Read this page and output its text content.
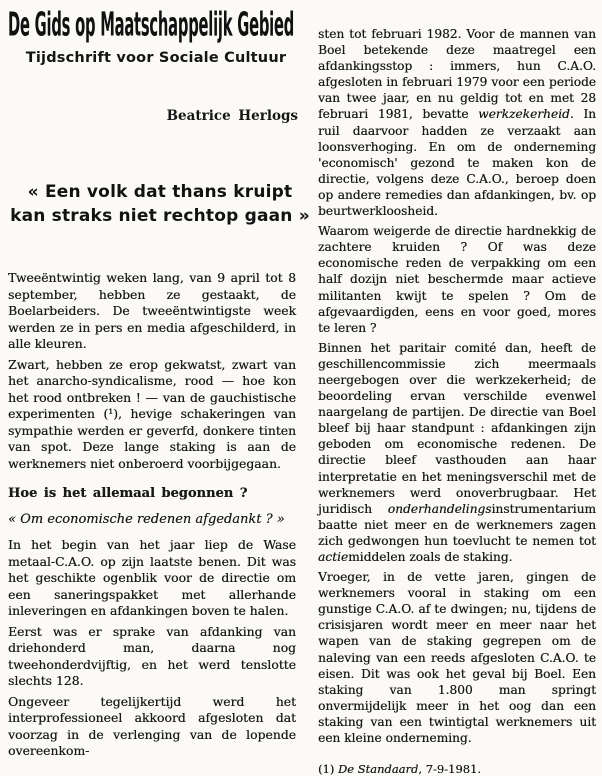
De Gids op Maatschappelijk Gebied
Tijdschrift voor Sociale Cultuur
Beatrice Herlogs
« Een volk dat thans kruipt
kan straks niet rechtop gaan »

Tweeëntwintig weken lang, van 9 april tot 8 september, hebben ze gestaakt, de Boelarbeiders. De tweeëntwintigste week werden ze in pers en media afgeschilderd, in alle kleuren.

Zwart, hebben ze erop gekwatst, zwart van het anarcho-syndicalisme, rood — hoe kon het rood ontbreken ! — van de gauchistische experimenten (¹), hevige schakeringen van sympathie werden er geverfd, donkere tinten van spot. Deze lange staking is aan de werknemers niet onberoerd voorbijgegaan.

Hoe is het allemaal begonnen ?

« Om economische redenen afgedankt ? »

In het begin van het jaar liep de Wase metaal-C.A.O. op zijn laatste benen. Dit was het geschikte ogenblik voor de directie om een saneringspakket met allerhande inleveringen en afdankingen boven te halen.

Eerst was er sprake van afdanking van driehonderd man, daarna nog tweehonderdvijftig, en het werd tenslotte slechts 128.

Ongeveer tegelijkertijd werd het interprofessioneel akkoord afgesloten dat voorzag in de verlenging van de lopende overeenkom-

sten tot februari 1982. Voor de mannen van Boel betekende deze maatregel een afdankingsstop : immers, hun C.A.O. afgesloten in februari 1979 voor een periode van twee jaar, en nu geldig tot en met 28 februari 1981, bevatte werkzekerheid. In ruil daarvoor hadden ze verzaakt aan loonsverhoging. En om de onderneming 'economisch' gezond te maken kon de directie, volgens deze C.A.O., beroep doen op andere remedies dan afdankingen, bv. op beurtwerkloosheid.

Waarom weigerde de directie hardnekkig de zachtere kruiden ? Of was deze economische reden de verpakking om een half dozijn niet beschermde maar actieve militanten kwijt te spelen ? Om de afgevaardigden, eens en voor goed, mores te leren ?

Binnen het paritair comité dan, heeft de geschillencommissie zich meermaals neergebogen over die werkzekerheid; de beoordeling ervan verschilde evenwel naargelang de partijen. De directie van Boel bleef bij haar standpunt : afdankingen zijn geboden om economische redenen. De directie bleef vasthouden aan haar interpretatie en het meningsverschil met de werknemers werd onoverbrugbaar. Het juridisch onderhandelingsinstrumentarium baatte niet meer en de werknemers zagen zich gedwongen hun toevlucht te nemen tot actiemiddelen zoals de staking.

Vroeger, in de vette jaren, gingen de werknemers vooral in staking om een gunstige C.A.O. af te dwingen; nu, tijdens de crisisjaren wordt meer en meer naar het wapen van de staking gegrepen om de naleving van een reeds afgesloten C.A.O. te eisen. Dit was ook het geval bij Boel. Een staking van 1.800 man springt onvermijdelijk meer in het oog dan een staking van een twintigtal werknemers uit een kleine onderneming.

(1) De Standaard, 7-9-1981.
